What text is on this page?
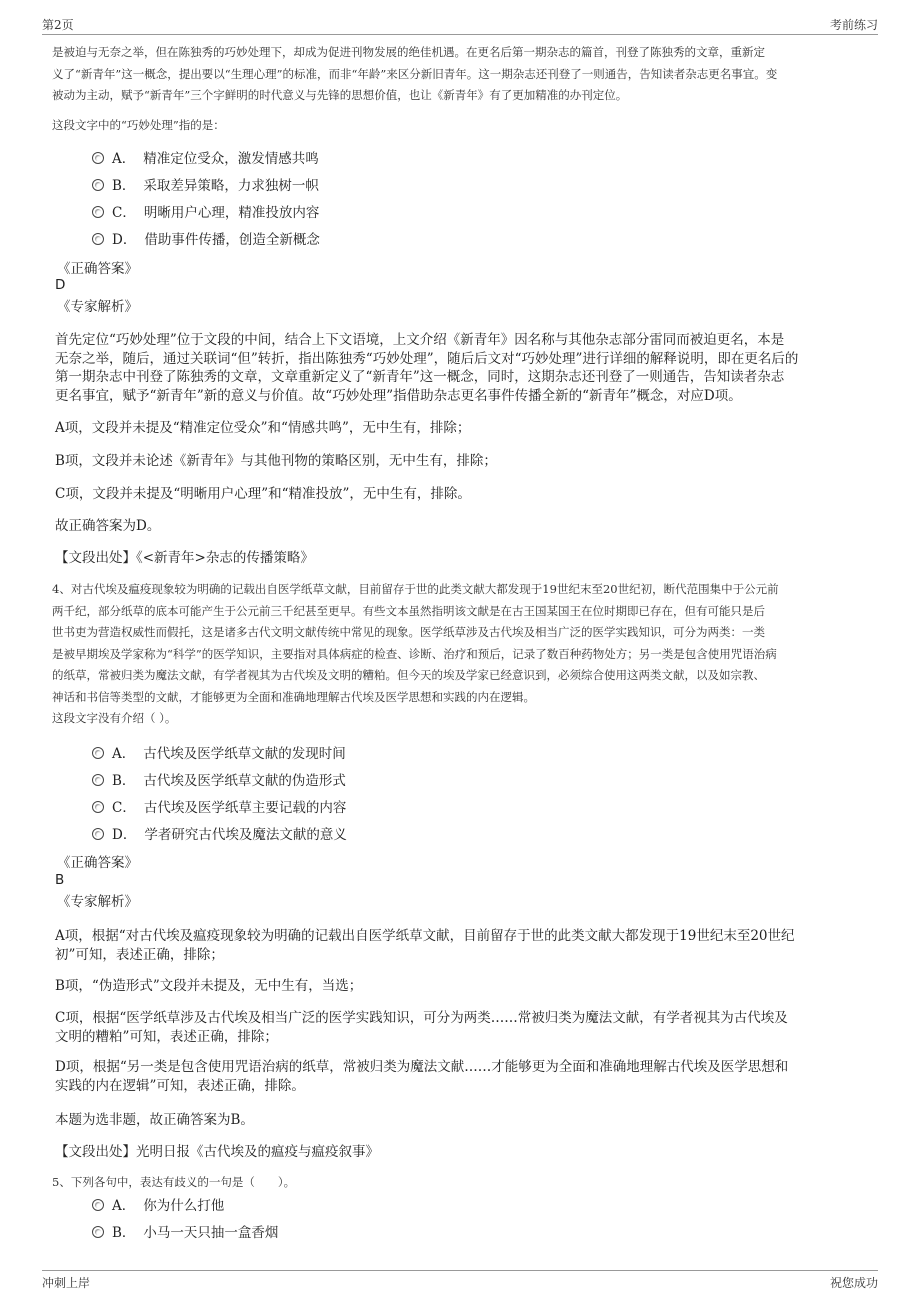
第2页	考前练习
是被迫与无奈之举，但在陈独秀的巧妙处理下，却成为促进刊物发展的绝佳机遇。在更名后第一期杂志的篇首，刊登了陈独秀的文章，重新定
义了“新青年”这一概念，提出要以“生理心理”的标准，而非“年龄”来区分新旧青年。这一期杂志还刊登了一则通告，告知读者杂志更名事宜。变
被动为主动，赋予“新青年”三个字鲜明的时代意义与先锋的思想价值，也让《新青年》有了更加精准的办刊定位。
这段文字中的“巧妙处理”指的是：
A． 精准定位受众，激发情感共鸣
B． 采取差异策略，力求独树一帜
C． 明晰用户心理，精准投放内容
D． 借助事件传播，创造全新概念
《正确答案》
D
《专家解析》
首先定位“巧妙处理”位于文段的中间，结合上下文语境，上文介绍《新青年》因名称与其他杂志部分雷同而被迫更名，本是
无奈之举，随后，通过关联词“但”转折，指出陈独秀“巧妙处理”，随后后文对“巧妙处理”进行详细的解释说明，即在更名后的
第一期杂志中刊登了陈独秀的文章，文章重新定义了“新青年”这一概念，同时，这期杂志还刊登了一则通告，告知读者杂志
更名事宜，赋予“新青年”新的意义与价值。故“巧妙处理”指借助杂志更名事件传播全新的“新青年”概念，对应D项。
A项，文段并未提及“精准定位受众”和“情感共鸣”，无中生有，排除；
B项，文段并未论述《新青年》与其他刊物的策略区别，无中生有，排除；
C项，文段并未提及“明晰用户心理”和“精准投放”，无中生有，排除。
故正确答案为D。
【文段出处】《<新青年>杂志的传播策略》
4、对古代埃及瘟疫现象较为明确的记载出自医学纸草文献，目前留存于世的此类文献大都发现于19世纪末至20世纪初，断代范围集中于公元前
两千纪，部分纸草的底本可能产生于公元前三千纪甚至更早。有些文本虽然指明该文献是在古王国某国王在位时期即已存在，但有可能只是后
世书吏为营造权威性而假托，这是诸多古代文明文献传统中常见的现象。医学纸草涉及古代埃及相当广泛的医学实践知识，可分为两类：一类
是被早期埃及学家称为“科学”的医学知识，主要指对具体病症的检查、诊断、治疗和预后，记录了数百种药物处方；另一类是包含使用咒语治病
的纸草，常被归类为魔法文献，有学者视其为古代埃及文明的糟粕。但今天的埃及学家已经意识到，必须综合使用这两类文献，以及如宗教、
神话和书信等类型的文献，才能够更为全面和准确地理解古代埃及医学思想和实践的内在逻辑。
这段文字没有介绍（ ）。
A． 古代埃及医学纸草文献的发现时间
B． 古代埃及医学纸草文献的伪造形式
C． 古代埃及医学纸草主要记载的内容
D． 学者研究古代埃及魔法文献的意义
《正确答案》
B
《专家解析》
A项，根据“对古代埃及瘟疫现象较为明确的记载出自医学纸草文献，目前留存于世的此类文献大都发现于19世纪末至20世纪
初”可知，表述正确，排除；
B项，“伪造形式”文段并未提及，无中生有，当选；
C项，根据“医学纸草涉及古代埃及相当广泛的医学实践知识，可分为两类……常被归类为魔法文献，有学者视其为古代埃及
文明的糟粕”可知，表述正确，排除；
D项，根据“另一类是包含使用咒语治病的纸草，常被归类为魔法文献……才能够更为全面和准确地理解古代埃及医学思想和
实践的内在逻辑”可知，表述正确，排除。
本题为选非题，故正确答案为B。
【文段出处】光明日报《古代埃及的瘟疫与瘟疫叙事》
5、下列各句中，表达有歧义的一句是（　　）。
A． 你为什么打他
B． 小马一天只抽一盒香烟
冲刺上岸	祝您成功
